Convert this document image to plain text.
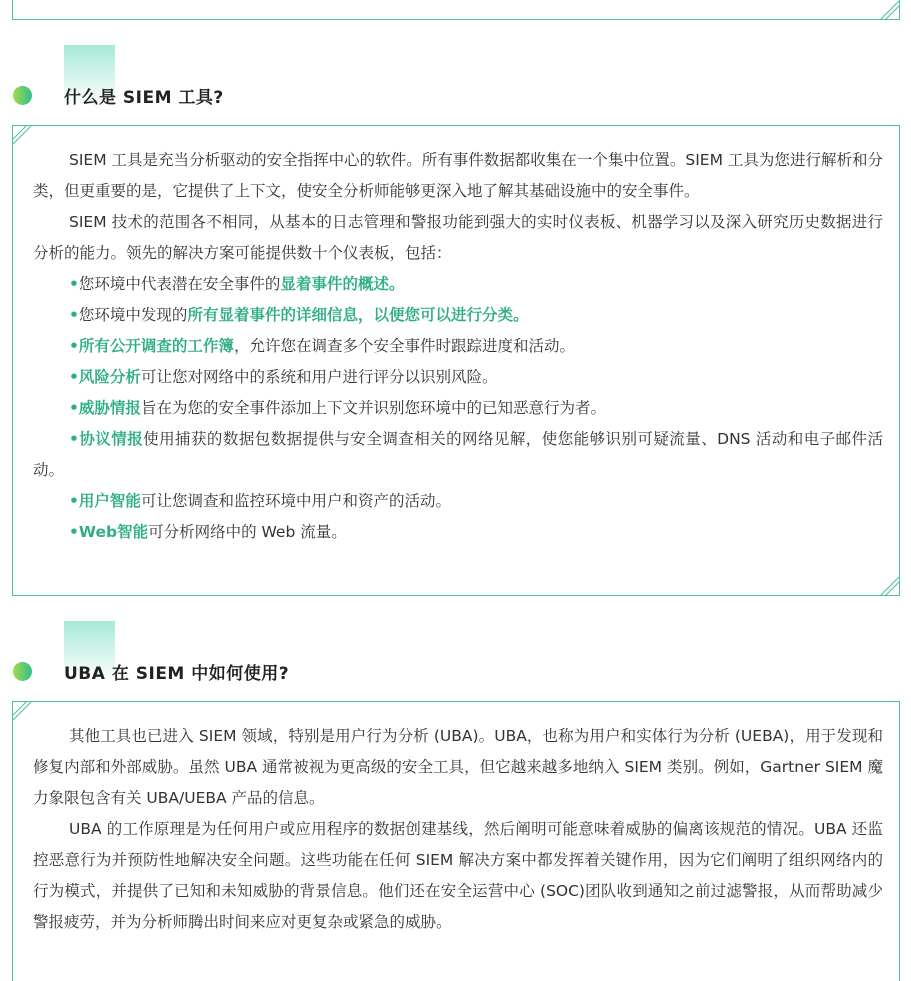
什么是 SIEM 工具?

SIEM 工具是充当分析驱动的安全指挥中心的软件。所有事件数据都收集在一个集中位置。SIEM 工具为您进行解析和分类，但更重要的是，它提供了上下文，使安全分析师能够更深入地了解其基础设施中的安全事件。

SIEM 技术的范围各不相同，从基本的日志管理和警报功能到强大的实时仪表板、机器学习以及深入研究历史数据进行分析的能力。领先的解决方案可能提供数十个仪表板，包括：

•您环境中代表潜在安全事件的显着事件的概述。

•您环境中发现的所有显着事件的详细信息，以便您可以进行分类。

•所有公开调查的工作簿，允许您在调查多个安全事件时跟踪进度和活动。

•风险分析可让您对网络中的系统和用户进行评分以识别风险。

•威胁情报旨在为您的安全事件添加上下文并识别您环境中的已知恶意行为者。

•协议情报使用捕获的数据包数据提供与安全调查相关的网络见解，使您能够识别可疑流量、DNS 活动和电子邮件活动。

•用户智能可让您调查和监控环境中用户和资产的活动。

•Web智能可分析网络中的 Web 流量。

UBA 在 SIEM 中如何使用?

其他工具也已进入 SIEM 领域，特别是用户行为分析 (UBA)。UBA，也称为用户和实体行为分析 (UEBA)，用于发现和修复内部和外部威胁。虽然 UBA 通常被视为更高级的安全工具，但它越来越多地纳入 SIEM 类别。例如，Gartner SIEM 魔力象限包含有关 UBA/UEBA 产品的信息。

UBA 的工作原理是为任何用户或应用程序的数据创建基线，然后阐明可能意味着威胁的偏离该规范的情况。UBA 还监控恶意行为并预防性地解决安全问题。这些功能在任何 SIEM 解决方案中都发挥着关键作用，因为它们阐明了组织网络内的行为模式，并提供了已知和未知威胁的背景信息。他们还在安全运营中心 (SOC)团队收到通知之前过滤警报，从而帮助减少警报疲劳，并为分析师腾出时间来应对更复杂或紧急的威胁。
